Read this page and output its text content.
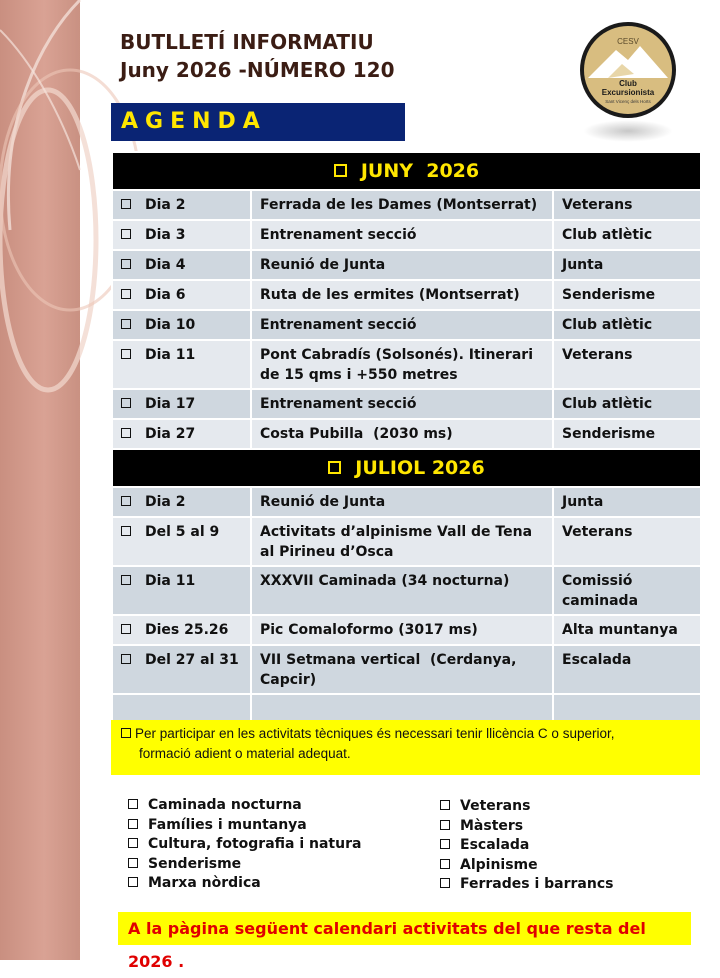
BUTLLETÍ INFORMATIU
Juny 2026 -NÚMERO 120
CESV
Club
Excursionista
Sant Vicenç dels Horts
AGENDA
JUNY  2026		
Dia 2	Ferrada de les Dames (Montserrat)	Veterans
Dia 3	Entrenament secció	Club atlètic
Dia 4	Reunió de Junta	Junta
Dia 6	Ruta de les ermites (Montserrat)	Senderisme
Dia 10	Entrenament secció	Club atlètic
Dia 11	Pont Cabradís (Solsonés). Itinerari de 15 qms i +550 metres	Veterans
Dia 17	Entrenament secció	Club atlètic
Dia 27	Costa Pubilla  (2030 ms)	Senderisme
JULIOL 2026		
Dia 2	Reunió de Junta	Junta
Del 5 al 9	Activitats d’alpinisme Vall de Tena al Pirineu d’Osca	Veterans
Dia 11	XXXVII Caminada (34 nocturna)	Comissió caminada
Dies 25.26	Pic Comaloformo (3017 ms)	Alta muntanya
Del 27 al 31	VII Setmana vertical  (Cerdanya, Capcir)	Escalada

Per participar en les activitats tècniques és necessari tenir llicència C o superior,
formació adient o material adequat.
Caminada nocturna
Famílies i muntanya
Cultura, fotografia i natura
Senderisme
Marxa nòrdica
Veterans
Màsters
Escalada
Alpinisme
Ferrades i barrancs
A la pàgina següent calendari activitats del que resta del 2026 .
